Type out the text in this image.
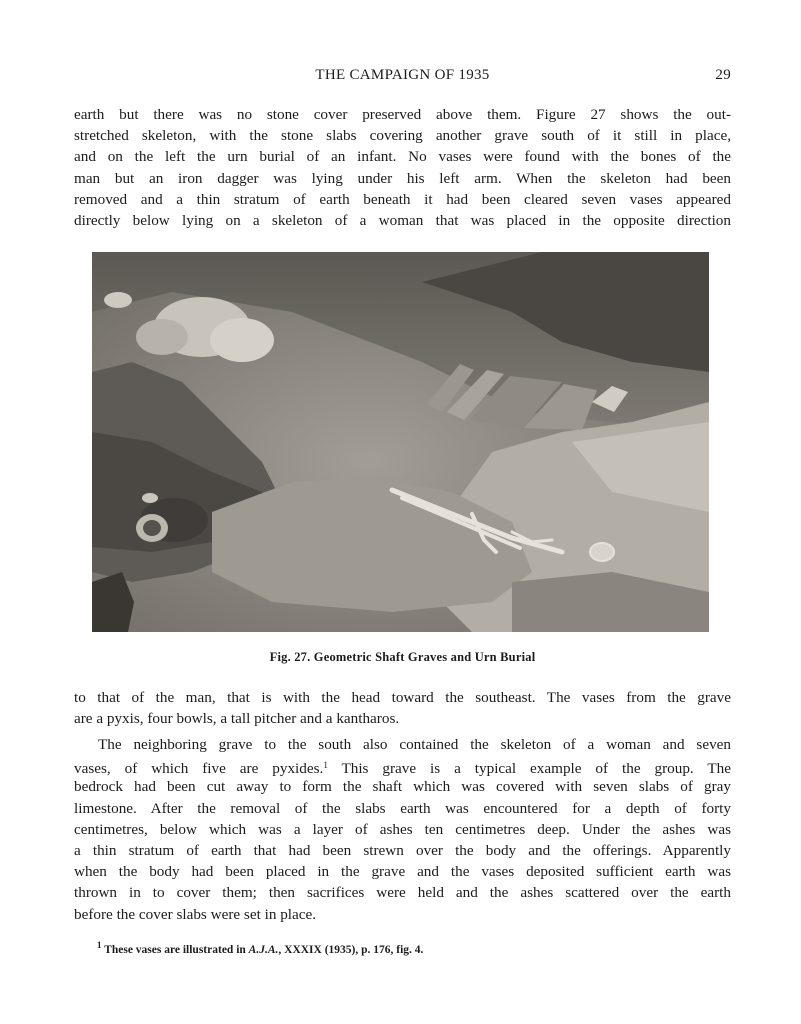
THE CAMPAIGN OF 1935	29
earth but there was no stone cover preserved above them. Figure 27 shows the out-
stretched skeleton, with the stone slabs covering another grave south of it still in place,
and on the left the urn burial of an infant. No vases were found with the bones of the
man but an iron dagger was lying under his left arm. When the skeleton had been
removed and a thin stratum of earth beneath it had been cleared seven vases appeared
directly below lying on a skeleton of a woman that was placed in the opposite direction
Fig. 27. Geometric Shaft Graves and Urn Burial
to that of the man, that is with the head toward the southeast. The vases from the grave
are a pyxis, four bowls, a tall pitcher and a kantharos.
The neighboring grave to the south also contained the skeleton of a woman and seven
vases, of which five are pyxides.$^1$ This grave is a typical example of the group. The
bedrock had been cut away to form the shaft which was covered with seven slabs of gray
limestone. After the removal of the slabs earth was encountered for a depth of forty
centimetres, below which was a layer of ashes ten centimetres deep. Under the ashes was
a thin stratum of earth that had been strewn over the body and the offerings. Apparently
when the body had been placed in the grave and the vases deposited sufficient earth was
thrown in to cover them; then sacrifices were held and the ashes scattered over the earth
before the cover slabs were set in place.
$^1$ These vases are illustrated in A.J.A., XXXIX (1935), p. 176, fig. 4.
